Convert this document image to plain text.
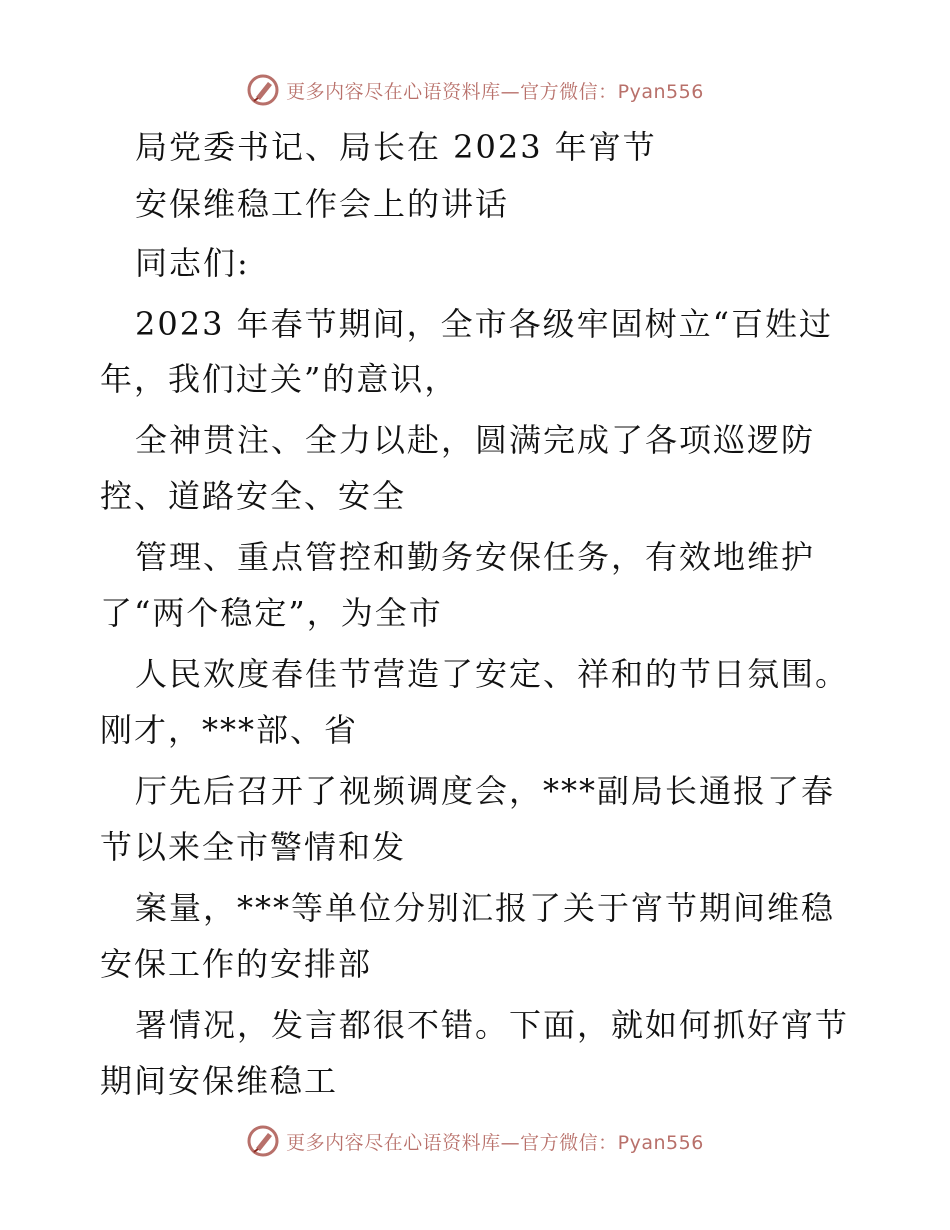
更多内容尽在心语资料库—官方微信：Pyan556
局党委书记、局长在 2023 年宵节
安保维稳工作会上的讲话
同志们:
2023 年春节期间，全市各级牢固树立“百姓过
年，我们过关”的意识，
全神贯注、全力以赴，圆满完成了各项巡逻防
控、道路安全、安全
管理、重点管控和勤务安保任务，有效地维护
了“两个稳定”，为全市
人民欢度春佳节营造了安定、祥和的节日氛围。
刚才，***部、省
厅先后召开了视频调度会，***副局长通报了春
节以来全市警情和发
案量，***等单位分别汇报了关于宵节期间维稳
安保工作的安排部
署情况，发言都很不错。下面，就如何抓好宵节
期间安保维稳工
更多内容尽在心语资料库—官方微信：Pyan556
